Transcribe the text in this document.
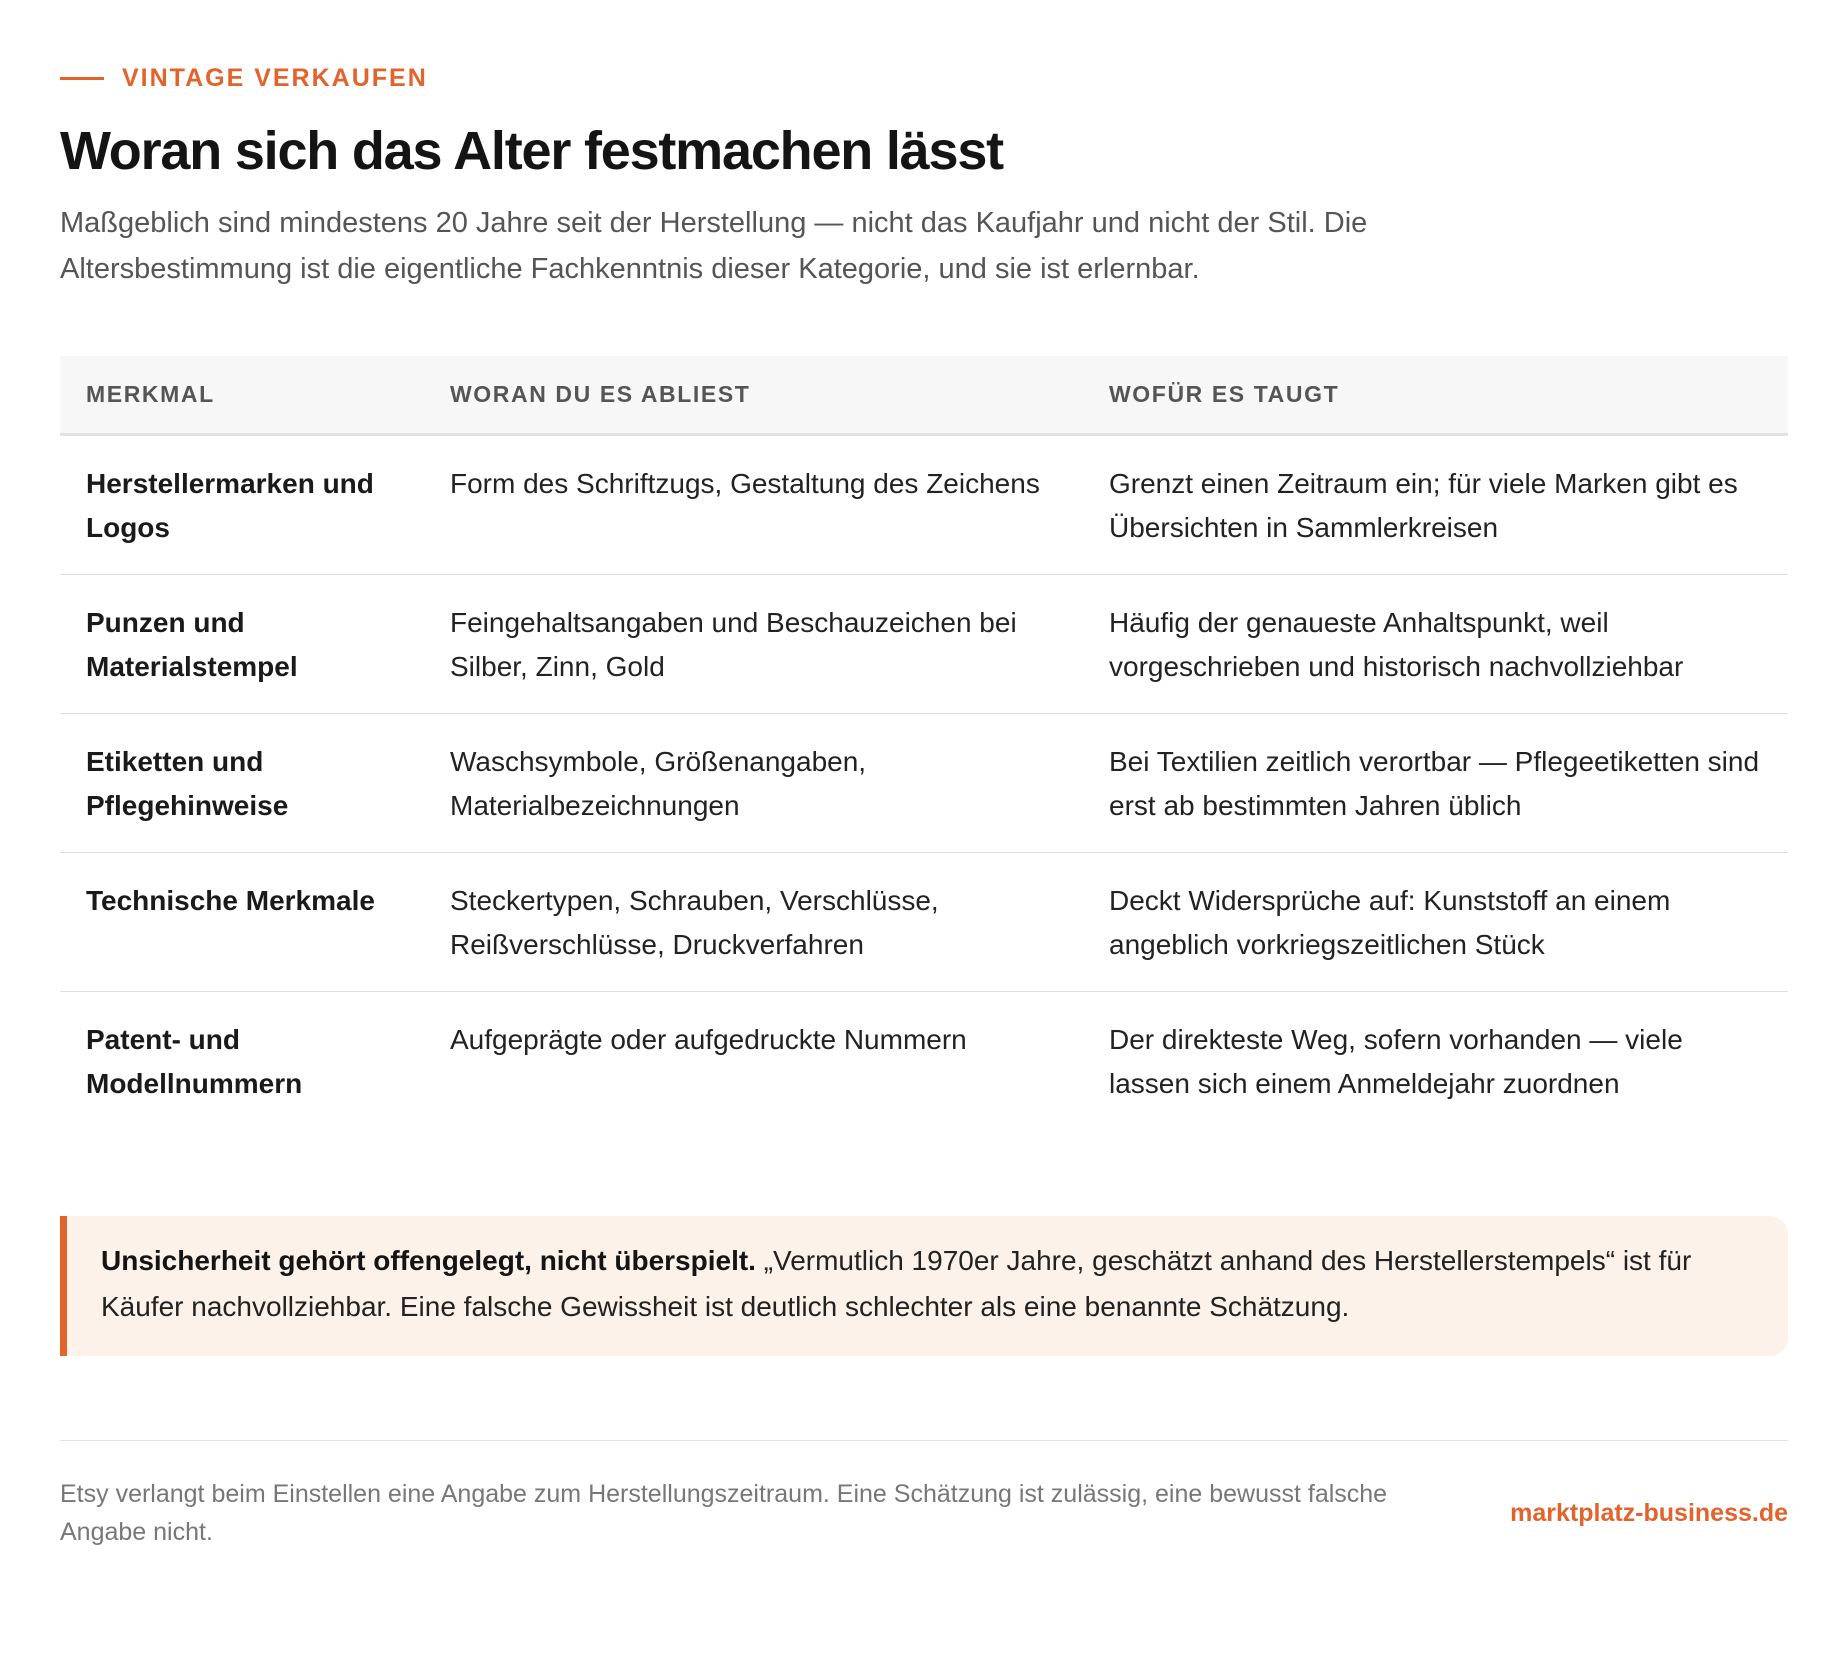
VINTAGE VERKAUFEN
Woran sich das Alter festmachen lässt

Maßgeblich sind mindestens 20 Jahre seit der Herstellung — nicht das Kaufjahr und nicht der Stil. Die Altersbestimmung ist die eigentliche Fachkenntnis dieser Kategorie, und sie ist erlernbar.

MERKMAL	WORAN DU ES ABLIEST	WOFÜR ES TAUGT
Herstellermarken und Logos	Form des Schriftzugs, Gestaltung des Zeichens	Grenzt einen Zeitraum ein; für viele Marken gibt es Übersichten in Sammlerkreisen
Punzen und Materialstempel	Feingehaltsangaben und Beschauzeichen bei Silber, Zinn, Gold	Häufig der genaueste Anhaltspunkt, weil vorgeschrieben und historisch nachvollziehbar
Etiketten und Pflegehinweise	Waschsymbole, Größenangaben, Materialbezeichnungen	Bei Textilien zeitlich verortbar — Pflegeetiketten sind erst ab bestimmten Jahren üblich
Technische Merkmale	Steckertypen, Schrauben, Verschlüsse, Reißverschlüsse, Druckverfahren	Deckt Widersprüche auf: Kunststoff an einem angeblich vorkriegszeitlichen Stück
Patent- und Modellnummern	Aufgeprägte oder aufgedruckte Nummern	Der direkteste Weg, sofern vorhanden — viele lassen sich einem Anmeldejahr zuordnen
Unsicherheit gehört offengelegt, nicht überspielt. „Vermutlich 1970er Jahre, geschätzt anhand des Herstellerstempels“ ist für Käufer nachvollziehbar. Eine falsche Gewissheit ist deutlich schlechter als eine benannte Schätzung.

Etsy verlangt beim Einstellen eine Angabe zum Herstellungszeitraum. Eine Schätzung ist zulässig, eine bewusst falsche Angabe nicht.

marktplatz-business.de
